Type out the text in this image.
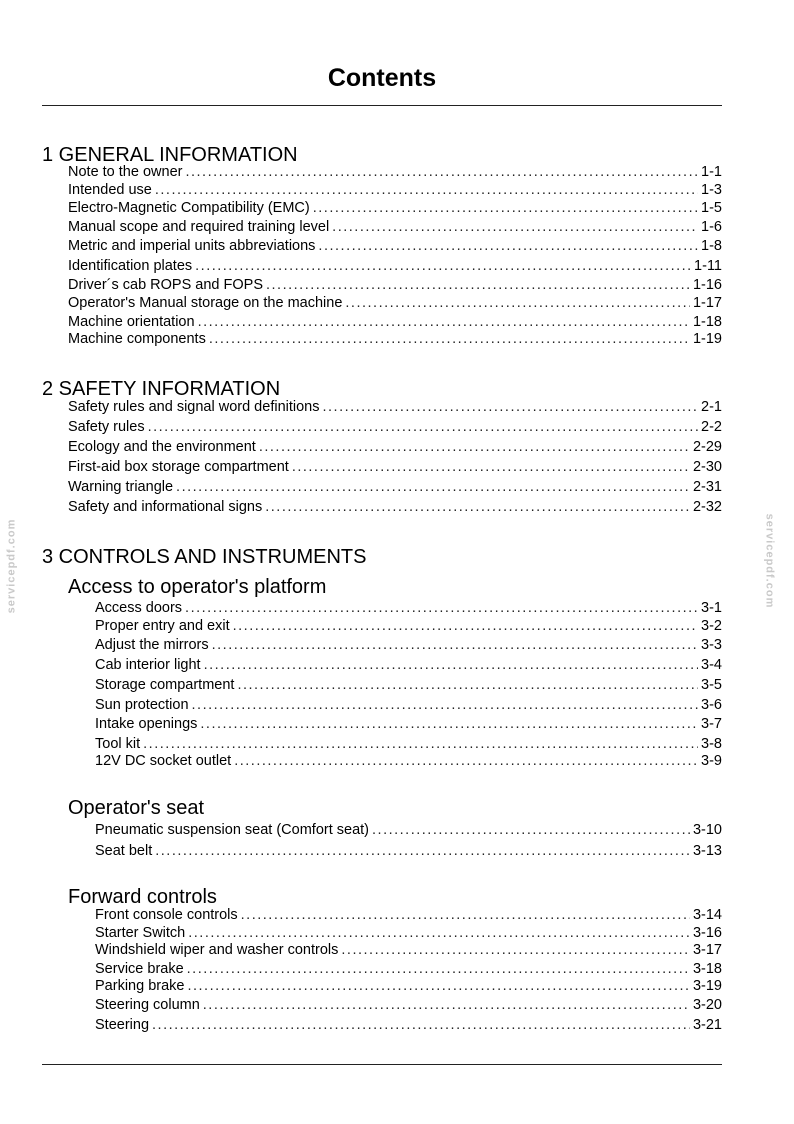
Contents
1 GENERAL INFORMATION
Note to the owner .....	1-1
Intended use .....	1-3
Electro-Magnetic Compatibility (EMC) .....	1-5
Manual scope and required training level .....	1-6
Metric and imperial units abbreviations .....	1-8
Identification plates .....	1-11
Driver´s cab ROPS and FOPS .....	1-16
Operator's Manual storage on the machine .....	1-17
Machine orientation .....	1-18
Machine components .....	1-19
2 SAFETY INFORMATION
Safety rules and signal word definitions .....	2-1
Safety rules .....	2-2
Ecology and the environment .....	2-29
First-aid box storage compartment .....	2-30
Warning triangle .....	2-31
Safety and informational signs .....	2-32
3 CONTROLS AND INSTRUMENTS
Access to operator's platform
Access doors .....	3-1
Proper entry and exit .....	3-2
Adjust the mirrors .....	3-3
Cab interior light .....	3-4
Storage compartment .....	3-5
Sun protection .....	3-6
Intake openings .....	3-7
Tool kit .....	3-8
12V DC socket outlet .....	3-9
Operator's seat
Pneumatic suspension seat (Comfort seat) .....	3-10
Seat belt .....	3-13
Forward controls
Front console controls .....	3-14
Starter Switch .....	3-16
Windshield wiper and washer controls .....	3-17
Service brake .....	3-18
Parking brake .....	3-19
Steering column .....	3-20
Steering .....	3-21
servicepdf.com	servicepdf.com
